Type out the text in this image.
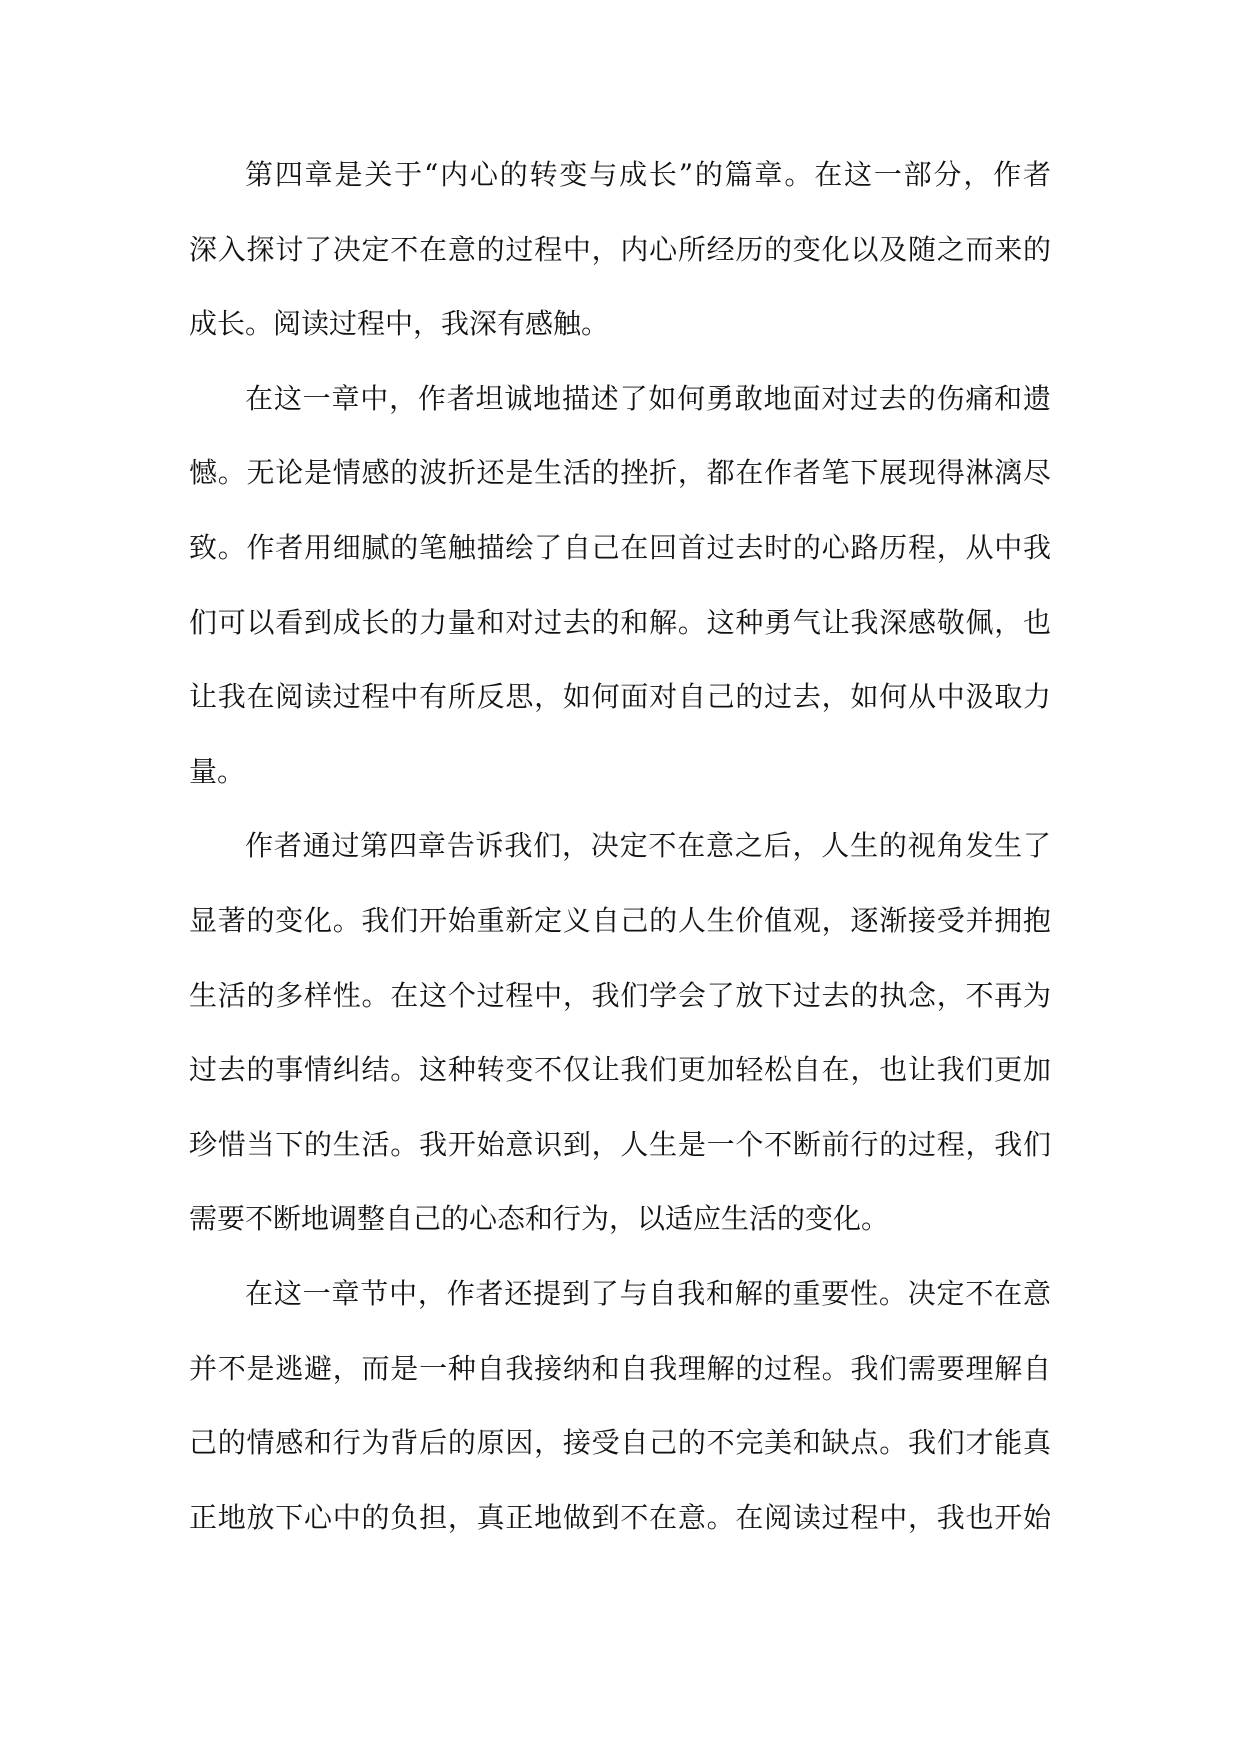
第四章是关于“内心的转变与成长”的篇章。在这一部分，作者
深入探讨了决定不在意的过程中，内心所经历的变化以及随之而来的
成长。阅读过程中，我深有感触。
在这一章中，作者坦诚地描述了如何勇敢地面对过去的伤痛和遗
憾。无论是情感的波折还是生活的挫折，都在作者笔下展现得淋漓尽
致。作者用细腻的笔触描绘了自己在回首过去时的心路历程，从中我
们可以看到成长的力量和对过去的和解。这种勇气让我深感敬佩，也
让我在阅读过程中有所反思，如何面对自己的过去，如何从中汲取力
量。
作者通过第四章告诉我们，决定不在意之后，人生的视角发生了
显著的变化。我们开始重新定义自己的人生价值观，逐渐接受并拥抱
生活的多样性。在这个过程中，我们学会了放下过去的执念，不再为
过去的事情纠结。这种转变不仅让我们更加轻松自在，也让我们更加
珍惜当下的生活。我开始意识到，人生是一个不断前行的过程，我们
需要不断地调整自己的心态和行为，以适应生活的变化。
在这一章节中，作者还提到了与自我和解的重要性。决定不在意
并不是逃避，而是一种自我接纳和自我理解的过程。我们需要理解自
己的情感和行为背后的原因，接受自己的不完美和缺点。我们才能真
正地放下心中的负担，真正地做到不在意。在阅读过程中，我也开始
